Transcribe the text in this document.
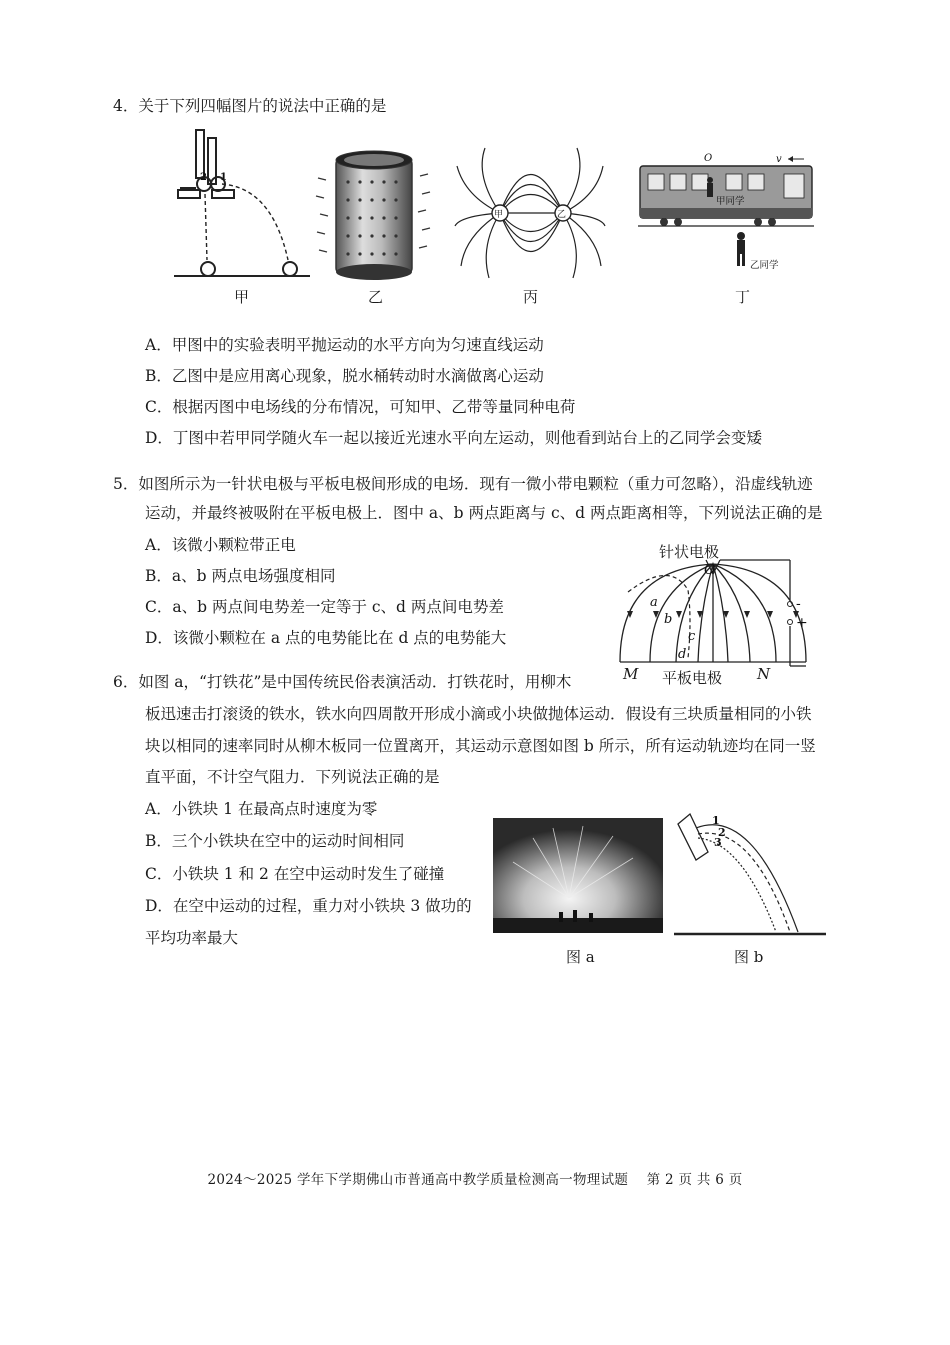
4．关于下列四幅图片的说法中正确的是
2 1
甲	乙
O	v
甲同学
乙同学
甲	乙	丙	丁
A．甲图中的实验表明平抛运动的水平方向为匀速直线运动
B．乙图中是应用离心现象，脱水桶转动时水滴做离心运动
C．根据丙图中电场线的分布情况，可知甲、乙带等量同种电荷
D．丁图中若甲同学随火车一起以接近光速水平向左运动，则他看到站台上的乙同学会变矮
5．如图所示为一针状电极与平板电极间形成的电场．现有一微小带电颗粒（重力可忽略），沿虚线轨迹
运动，并最终被吸附在平板电极上．图中 a、b 两点距离与 c、d 两点距离相等，下列说法正确的是
A．该微小颗粒带正电
B．a、b 两点电场强度相同
C．a、b 两点间电势差一定等于 c、d 两点间电势差
D．该微小颗粒在 a 点的电势能比在 d 点的电势能大
针状电极
O
a
b
c
d
-
+
M 平板电极 N
6．如图 a，“打铁花”是中国传统民俗表演活动．打铁花时，用柳木
板迅速击打滚烫的铁水，铁水向四周散开形成小滴或小块做抛体运动．假设有三块质量相同的小铁
块以相同的速率同时从柳木板同一位置离开，其运动示意图如图 b 所示，所有运动轨迹均在同一竖
直平面，不计空气阻力．下列说法正确的是
A．小铁块 1 在最高点时速度为零
B．三个小铁块在空中的运动时间相同
C．小铁块 1 和 2 在空中运动时发生了碰撞
D．在空中运动的过程，重力对小铁块 3 做功的
平均功率最大
1
2
3
图 a	图 b
2024～2025 学年下学期佛山市普通高中教学质量检测高一物理试题　 第 2 页 共 6 页
